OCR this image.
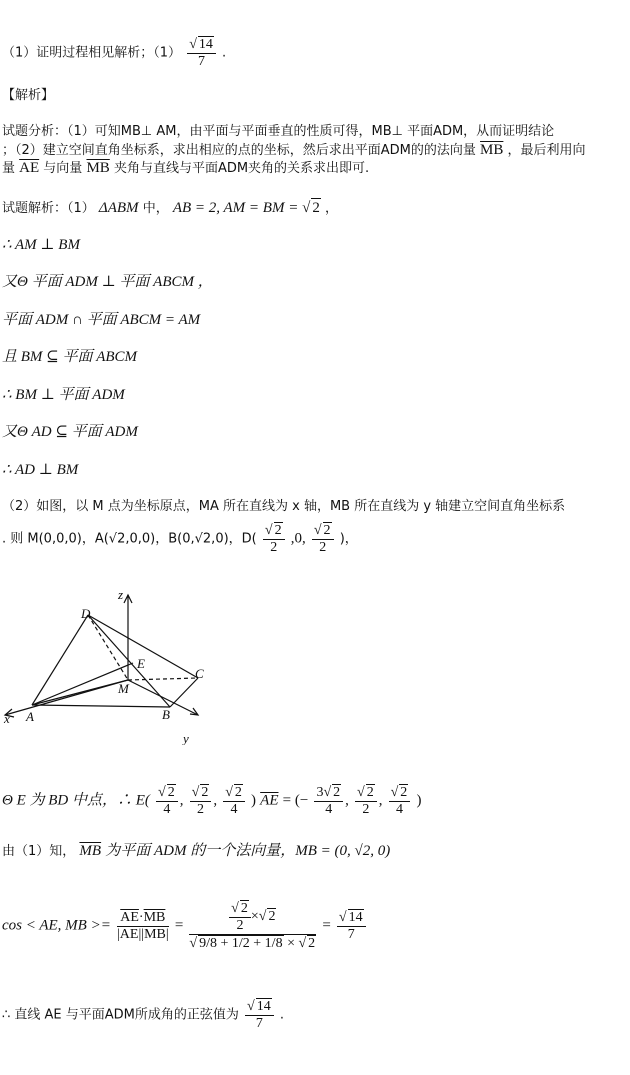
（1）证明过程相见解析；$(1) \frac{√ 14}{7}$ .
【解析】
试题分析：（1）可知MB⊥ AM，由平面与平面垂直的性质可得，MB⊥ 平面ADM，从而证明结论
；（2）建立空间直角坐标系，求出相应的点的坐标，然后求出平面ADM的的法向量 $\overline{MB}$ ，最后利用向
量 $\overline{AE}$ 与向量 $\overline{MB}$ 夹角与直线与平面ADM夹角的关系求出即可.
试题解析：（1） ΔABM 中， AB = 2, AM = BM = √ 2 ，
∴ AM ⊥ BM
又Θ 平面 ADM ⊥ 平面 ABCM ，
平面 ADM ∩ 平面 ABCM = AM
且 BM ⊆ 平面 ABCM
∴ BM ⊥ 平面 ADM
又Θ AD ⊆ 平面 ADM
∴ AD ⊥ BM
（2）如图，以 M 点为坐标原点，MA 所在直线为 x 轴，MB 所在直线为 y 轴建立空间直角坐标系
. 则 M(0,0,0)，A(√2,0,0)，B(0,√2,0)，$D( \frac{√ 2}{2} ,0$, $\frac{√ 2}{2}$ )，
z
x
y
A	B
C
D
E
M
Θ E 为 BD 中点，∴ $E( \frac{√ 2}{4}$ , $\frac{√ 2}{2}$ , $\frac{√ 2}{4}$ ) $\overline{AE}$ = (− $\frac{3√ 2}{4}$ , $\frac{√ 2}{2}$ , $\frac{√ 2}{4}$ )
由（1）知， $\overline{MB}$ 为平面 ADM 的一个法向量，MB = (0, √2, 0)
cos < AE, MB >= $\frac{\overline{AE}\cdot\overline{MB}}{|\overline{AE}||\overline{MB}|} = \frac{\frac{√ 2}{2} \times√ 2}{√ 9/8 + 1/2 + 1/8 \times √ 2} = \frac{√ 14}{7}$
∴ 直线 AE 与平面ADM所成角的正弦值为 $\frac{√ 14}{7}$ .
